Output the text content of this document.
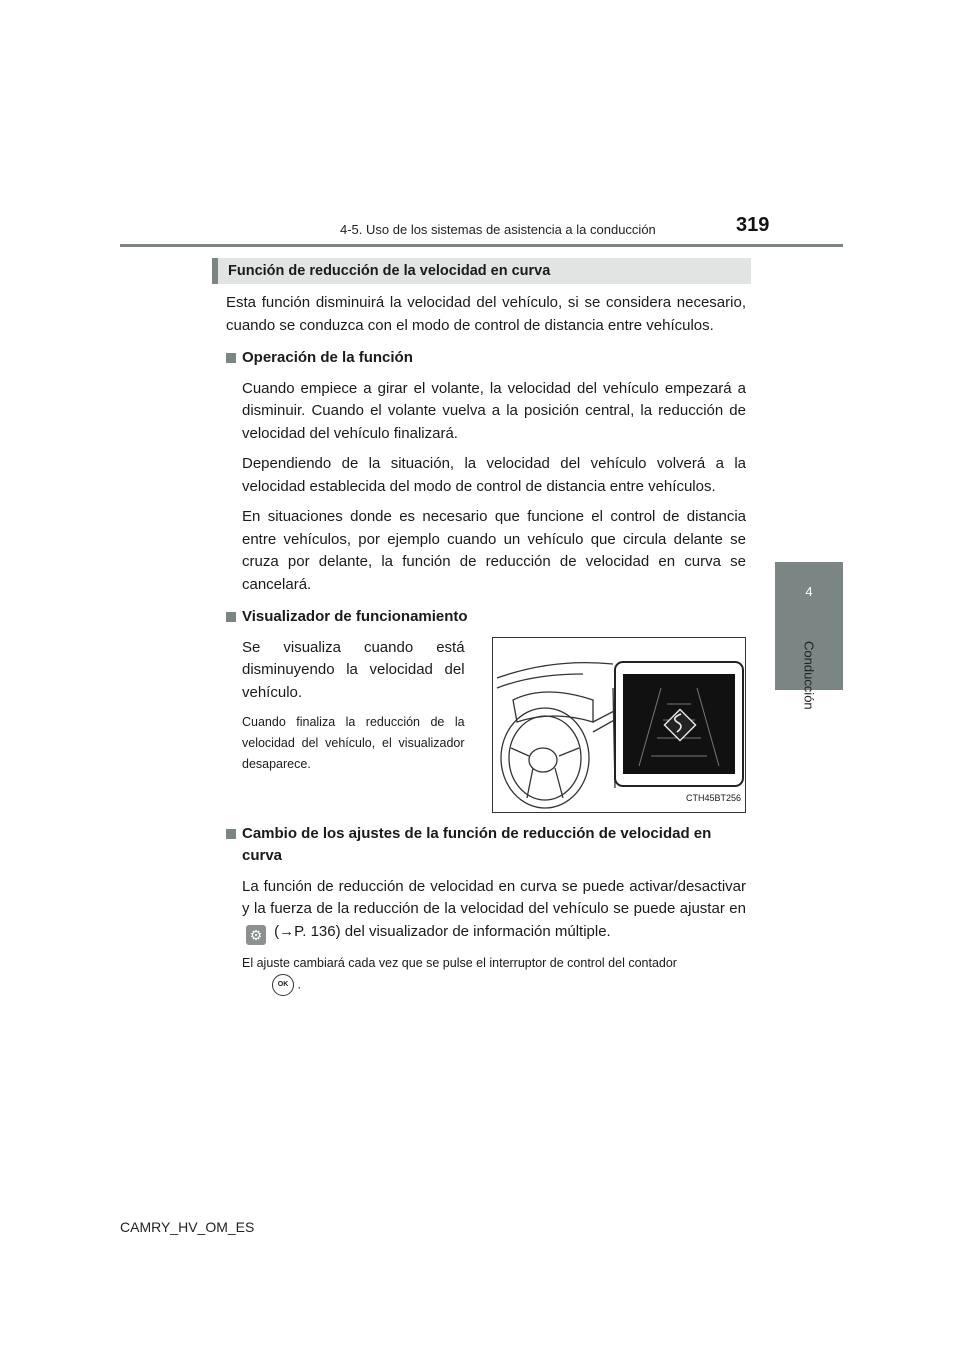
4-5. Uso de los sistemas de asistencia a la conducción	319
4
Conducción
Función de reducción de la velocidad en curva

Esta función disminuirá la velocidad del vehículo, si se considera necesario, cuando se conduzca con el modo de control de distancia entre vehículos.

Operación de la función

Cuando empiece a girar el volante, la velocidad del vehículo empezará a disminuir. Cuando el volante vuelva a la posición central, la reducción de velocidad del vehículo finalizará.

Dependiendo de la situación, la velocidad del vehículo volverá a la velocidad establecida del modo de control de distancia entre vehículos.

En situaciones donde es necesario que funcione el control de distancia entre vehículos, por ejemplo cuando un vehículo que circula delante se cruza por delante, la función de reducción de velocidad en curva se cancelará.

Visualizador de funcionamiento

Se visualiza cuando está disminuyendo la velocidad del vehículo.

Cuando finaliza la reducción de la velocidad del vehículo, el visualizador desaparece.

CTH45BT256
Cambio de los ajustes de la función de reducción de velocidad en curva

La función de reducción de velocidad en curva se puede activar/desactivar y la fuerza de la reducción de la velocidad del vehículo se puede ajustar en ⚙ (→P. 136) del visualizador de información múltiple.

El ajuste cambiará cada vez que se pulse el interruptor de control del contador
OK .

CAMRY_HV_OM_ES
